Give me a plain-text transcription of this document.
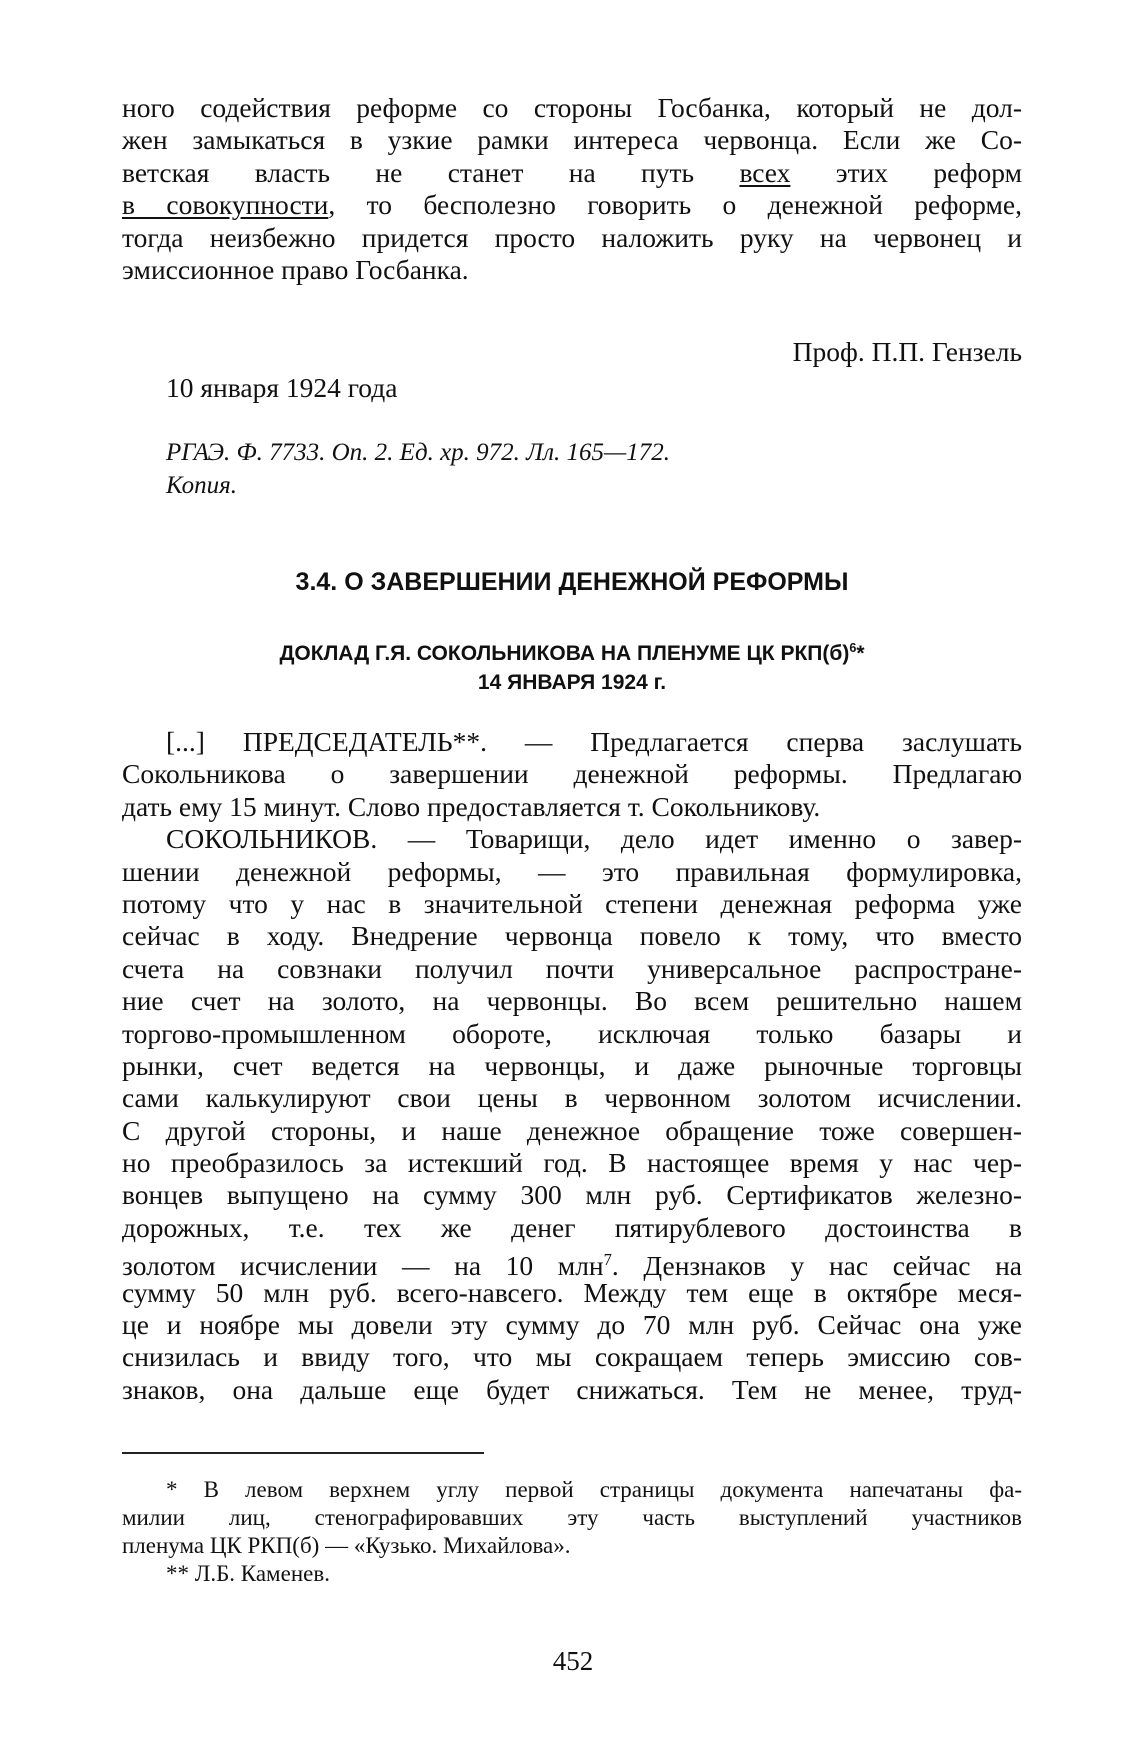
ного содействия реформе со стороны Госбанка, который не дол-
жен замыкаться в узкие рамки интереса червонца. Если же Со-
ветская власть не станет на путь всех этих реформ
в совокупности, то бесполезно говорить о денежной реформе,
тогда неизбежно придется просто наложить руку на червонец и
эмиссионное право Госбанка.
Проф. П.П. Гензель
10 января 1924 года
РГАЭ. Ф. 7733. Оп. 2. Ед. хр. 972. Лл. 165—172.
Копия.
3.4. О ЗАВЕРШЕНИИ ДЕНЕЖНОЙ РЕФОРМЫ
ДОКЛАД Г.Я. СОКОЛЬНИКОВА НА ПЛЕНУМЕ ЦК $РКП(б)^6*$
14 ЯНВАРЯ 1924 г.
[...] ПРЕДСЕДАТЕЛЬ**. — Предлагается сперва заслушать
Сокольникова о завершении денежной реформы. Предлагаю
дать ему 15 минут. Слово предоставляется т. Сокольникову.
СОКОЛЬНИКОВ. — Товарищи, дело идет именно о завер-
шении денежной реформы, — это правильная формулировка,
потому что у нас в значительной степени денежная реформа уже
сейчас в ходу. Внедрение червонца повело к тому, что вместо
счета на совзнаки получил почти универсальное распростране-
ние счет на золото, на червонцы. Во всем решительно нашем
торгово-промышленном обороте, исключая только базары и
рынки, счет ведется на червонцы, и даже рыночные торговцы
сами калькулируют свои цены в червонном золотом исчислении.
С другой стороны, и наше денежное обращение тоже совершен-
но преобразилось за истекший год. В настоящее время у нас чер-
вонцев выпущено на сумму 300 млн руб. Сертификатов железно-
дорожных, т.е. тех же денег пятирублевого достоинства в
золотом исчислении — на 10 млн$^7$. Дензнаков у нас сейчас на
сумму 50 млн руб. всего-навсего. Между тем еще в октябре меся-
це и ноябре мы довели эту сумму до 70 млн руб. Сейчас она уже
снизилась и ввиду того, что мы сокращаем теперь эмиссию сов-
знаков, она дальше еще будет снижаться. Тем не менее, труд-
* В левом верхнем углу первой страницы документа напечатаны фа-
милии лиц, стенографировавших эту часть выступлений участников
пленума ЦК РКП(б) — «Кузько. Михайлова».
** Л.Б. Каменев.
452
